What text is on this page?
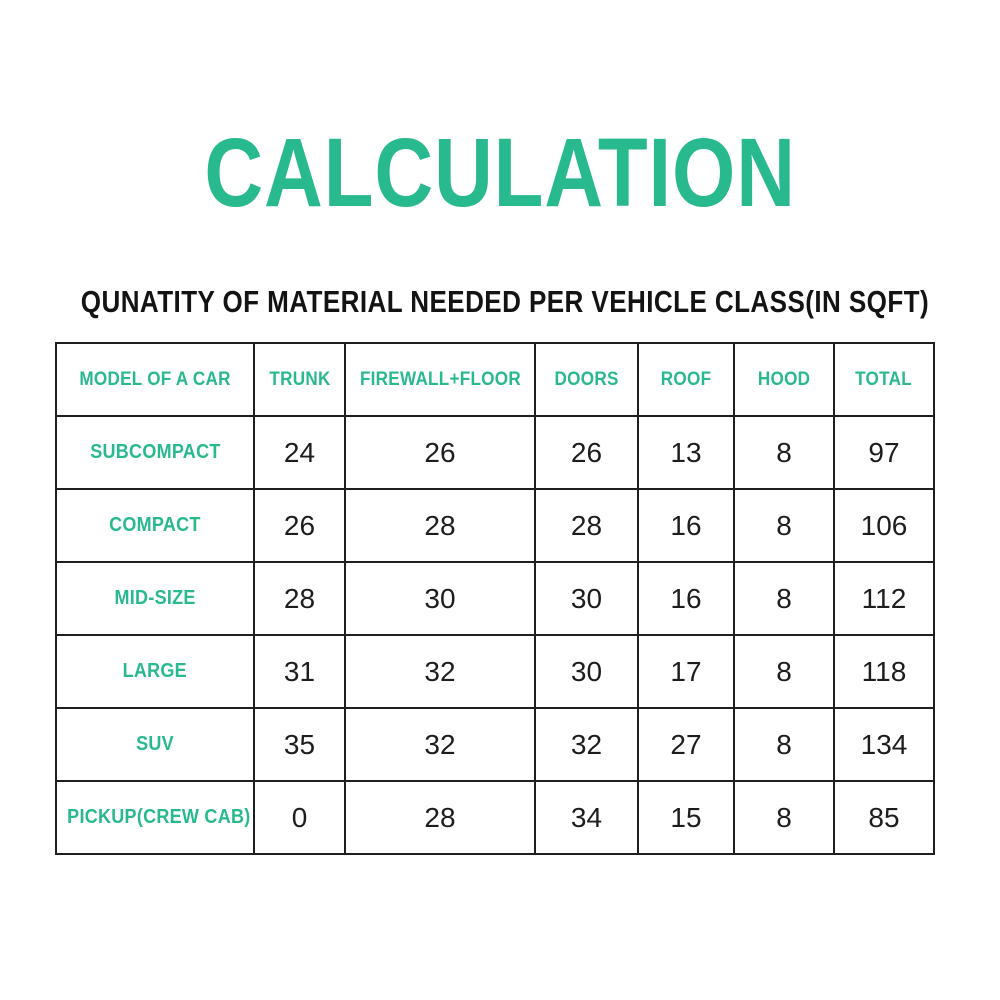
CALCULATION
QUNATITY OF MATERIAL NEEDED PER VEHICLE CLASS(IN SQFT)
MODEL OF A CAR	TRUNK	FIREWALL+FLOOR	DOORS	ROOF	HOOD	TOTAL
SUBCOMPACT	24	26	26	13	8	97
COMPACT	26	28	28	16	8	106
MID-SIZE	28	30	30	16	8	112
LARGE	31	32	30	17	8	118
SUV	35	32	32	27	8	134
PICKUP(CREW CAB)	0	28	34	15	8	85
